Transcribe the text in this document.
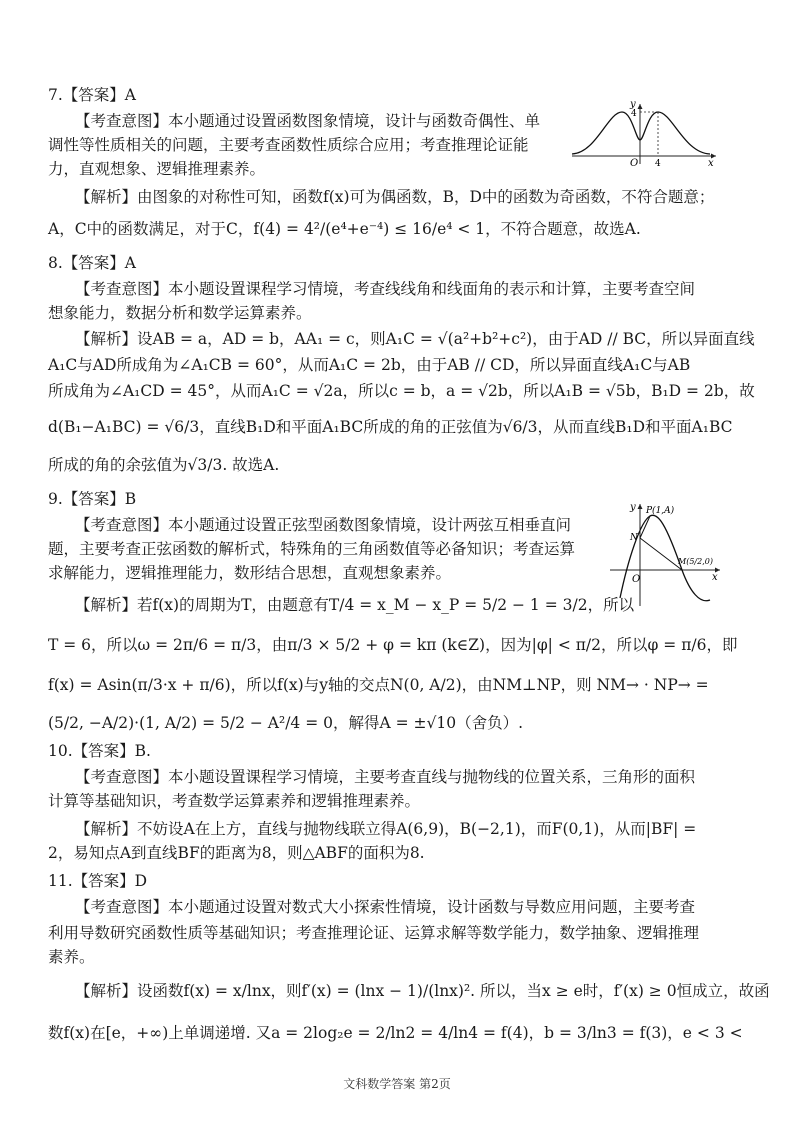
7.【答案】A
【考查意图】本小题通过设置函数图象情境，设计与函数奇偶性、单
调性等性质相关的问题，主要考查函数性质综合应用；考查推理论证能
力，直观想象、逻辑推理素养。
【解析】由图象的对称性可知，函数f(x)可为偶函数，B，D中的函数为奇函数，不符合题意；
A，C中的函数满足，对于C，f(4) = 4²/(e⁴+e⁻⁴) ≤ 16/e⁴ < 1，不符合题意，故选A.
y
x
O
4
4
8.【答案】A
【考查意图】本小题设置课程学习情境，考查线线角和线面角的表示和计算，主要考查空间
想象能力，数据分析和数学运算素养。
【解析】设AB = a，AD = b，AA₁ = c，则A₁C = √(a²+b²+c²)，由于AD // BC，所以异面直线
A₁C与AD所成角为∠A₁CB = 60°，从而A₁C = 2b，由于AB // CD，所以异面直线A₁C与AB
所成角为∠A₁CD = 45°，从而A₁C = √2a，所以c = b，a = √2b，所以A₁B = √5b，B₁D = 2b，故
d(B₁−A₁BC) = √6/3，直线B₁D和平面A₁BC所成的角的正弦值为√6/3，从而直线B₁D和平面A₁BC
所成的角的余弦值为√3/3. 故选A.
9.【答案】B
【考查意图】本小题通过设置正弦型函数图象情境，设计两弦互相垂直问
题，主要考查正弦函数的解析式，特殊角的三角函数值等必备知识；考查运算
求解能力，逻辑推理能力，数形结合思想，直观想象素养。
【解析】若f(x)的周期为T，由题意有T/4 = x_M − x_P = 5/2 − 1 = 3/2，所以
T = 6，所以ω = 2π/6 = π/3，由π/3 × 5/2 + φ = kπ (k∈Z)，因为|φ| < π/2，所以φ = π/6，即
f(x) = Asin(π/3·x + π/6)，所以f(x)与y轴的交点N(0, A/2)，由NM⊥NP，则 NM→ · NP→ =
(5/2, −A/2)·(1, A/2) = 5/2 − A²/4 = 0，解得A = ±√10（舍负）.
y
x
O
P(1,A)
N
M(5/2,0)
10.【答案】B.
【考查意图】本小题设置课程学习情境，主要考查直线与抛物线的位置关系，三角形的面积
计算等基础知识，考查数学运算素养和逻辑推理素养。
【解析】不妨设A在上方，直线与抛物线联立得A(6,9)，B(−2,1)，而F(0,1)，从而|BF| =
2，易知点A到直线BF的距离为8，则△ABF的面积为8.
11.【答案】D
【考查意图】本小题通过设置对数式大小探索性情境，设计函数与导数应用问题，主要考查
利用导数研究函数性质等基础知识；考查推理论证、运算求解等数学能力，数学抽象、逻辑推理
素养。
【解析】设函数f(x) = x/lnx，则f′(x) = (lnx − 1)/(lnx)². 所以，当x ≥ e时，f′(x) ≥ 0恒成立，故函
数f(x)在[e，+∞)上单调递增. 又a = 2log₂e = 2/ln2 = 4/ln4 = f(4)，b = 3/ln3 = f(3)，e < 3 <
文科数学答案 第2页
